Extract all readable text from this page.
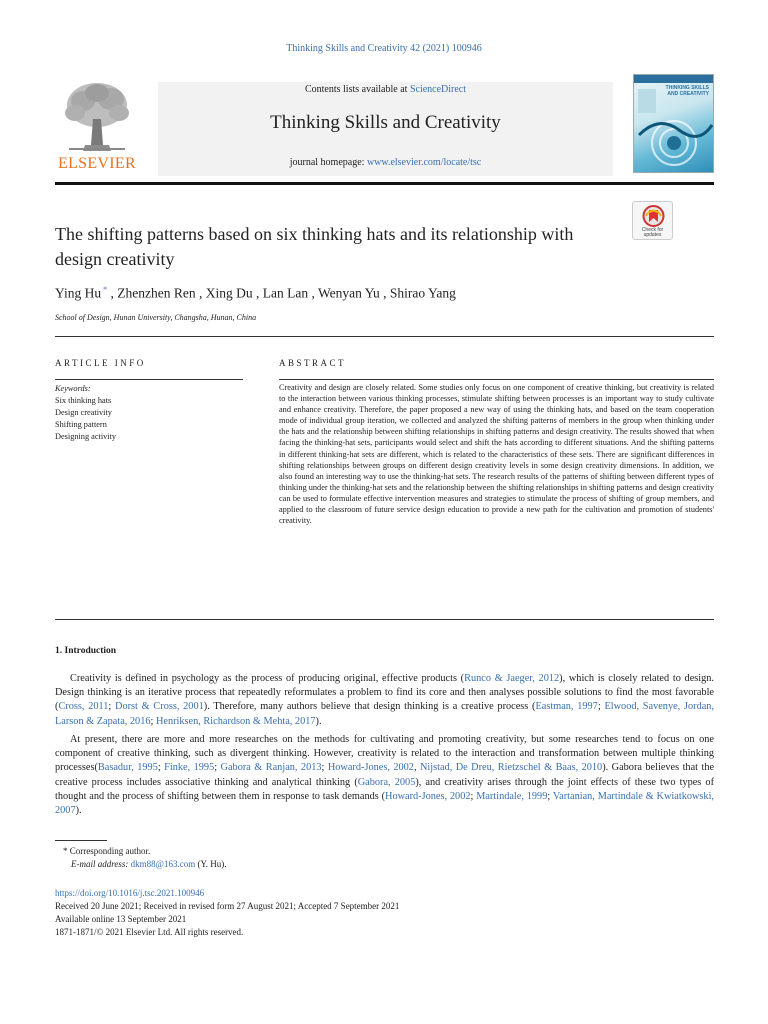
Thinking Skills and Creativity 42 (2021) 100946
ELSEVIER
Contents lists available at ScienceDirect
Thinking Skills and Creativity
journal homepage: www.elsevier.com/locate/tsc
THINKING SKILLS AND CREATIVITY
The shifting patterns based on six thinking hats and its relationship with design creativity
Check for updates
Ying Hu * , Zhenzhen Ren , Xing Du , Lan Lan , Wenyan Yu , Shirao Yang
School of Design, Hunan University, Changsha, Hunan, China
ARTICLE INFO	ABSTRACT
Keywords:
Six thinking hats
Design creativity
Shifting pattern
Designing activity
Creativity and design are closely related. Some studies only focus on one component of creative thinking, but creativity is related to the interaction between various thinking processes, stimulate shifting between processes is an important way to study cultivate and enhance creativity. Therefore, the paper proposed a new way of using the thinking hats, and based on the team cooperation mode of individual group iteration, we collected and analyzed the shifting patterns of members in the group when thinking under the hats and the relationship between shifting relationships in shifting patterns and design creativity. The results showed that when facing the thinking-hat sets, participants would select and shift the hats according to different situations. And the shifting patterns in different thinking-hat sets are different, which is related to the characteristics of these sets. There are significant differences in shifting relationships between groups on different design creativity levels in some design creativity dimensions. In addition, we also found an interesting way to use the thinking-hat sets. The research results of the patterns of shifting between different types of thinking under the thinking-hat sets and the relationship between the shifting relationships in shifting patterns and design creativity can be used to formulate effective intervention measures and strategies to stimulate the process of shifting of group members, and applied to the classroom of future service design education to provide a new path for the cultivation and promotion of students' creativity.
1. Introduction

Creativity is defined in psychology as the process of producing original, effective products (Runco & Jaeger, 2012), which is closely related to design. Design thinking is an iterative process that repeatedly reformulates a problem to find its core and then analyses possible solutions to find the most favorable (Cross, 2011; Dorst & Cross, 2001). Therefore, many authors believe that design thinking is a creative process (Eastman, 1997; Elwood, Savenye, Jordan, Larson & Zapata, 2016; Henriksen, Richardson & Mehta, 2017).

At present, there are more and more researches on the methods for cultivating and promoting creativity, but some researches tend to focus on one component of creative thinking, such as divergent thinking. However, creativity is related to the interaction and transformation between multiple thinking processes(Basadur, 1995; Finke, 1995; Gabora & Ranjan, 2013; Howard-Jones, 2002, Nijstad, De Dreu, Rietzschel & Baas, 2010). Gabora believes that the creative process includes associative thinking and analytical thinking (Gabora, 2005), and creativity arises through the joint effects of these two types of thought and the process of shifting between them in response to task demands (Howard-Jones, 2002; Martindale, 1999; Vartanian, Martindale & Kwiatkowski, 2007).

* Corresponding author.
E-mail address: dkm88@163.com (Y. Hu).
https://doi.org/10.1016/j.tsc.2021.100946
Received 20 June 2021; Received in revised form 27 August 2021; Accepted 7 September 2021
Available online 13 September 2021
1871-1871/© 2021 Elsevier Ltd. All rights reserved.
